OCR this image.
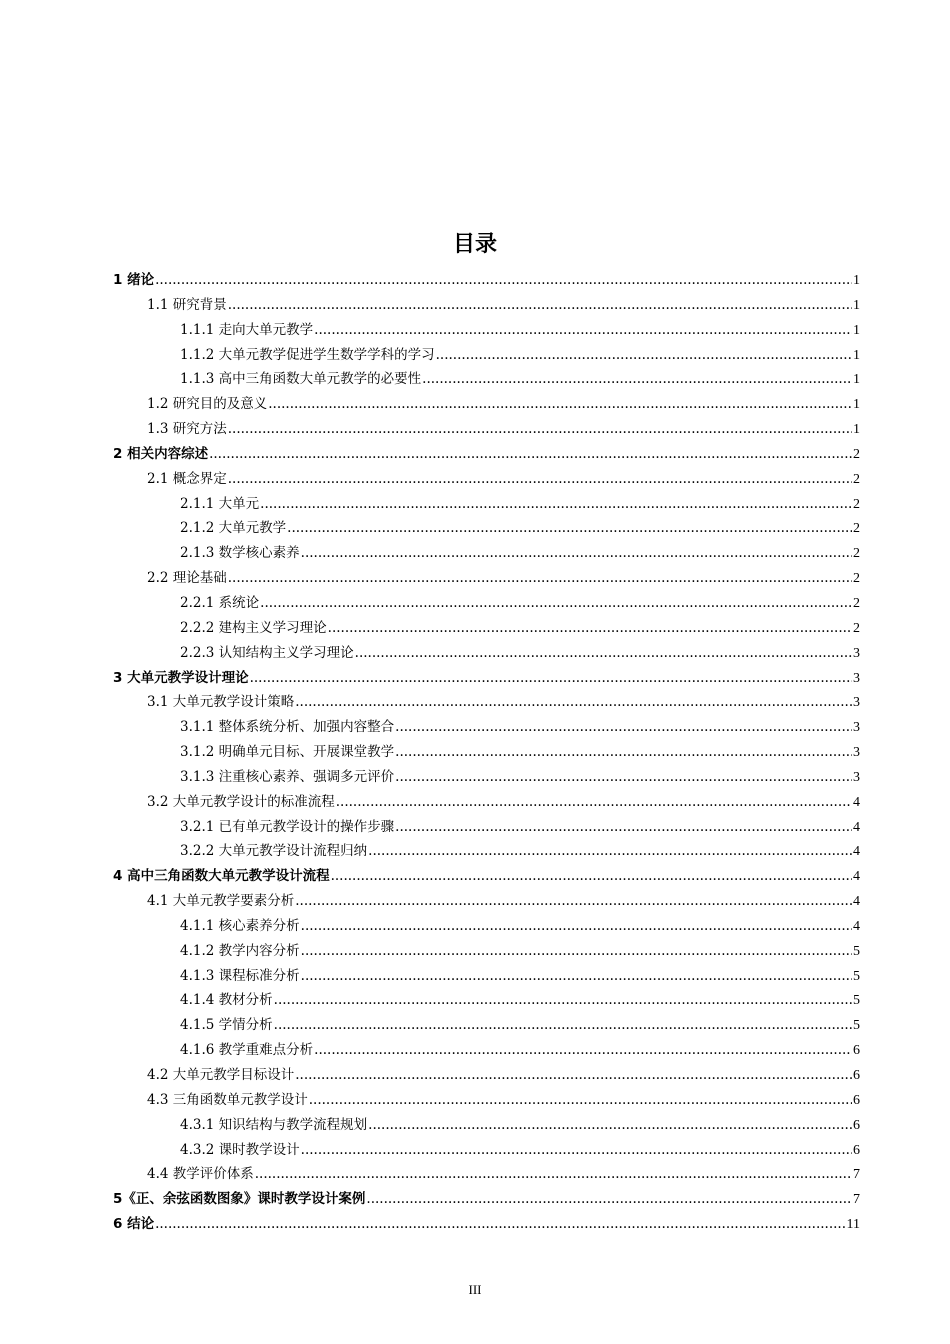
目录
1 绪论 .....	1
1.1 研究背景 .....	1
1.1.1 走向大单元教学 .....	1
1.1.2 大单元教学促进学生数学学科的学习 .....	1
1.1.3 高中三角函数大单元教学的必要性 .....	1
1.2 研究目的及意义 .....	1
1.3 研究方法 .....	1
2 相关内容综述 .....	2
2.1 概念界定 .....	2
2.1.1 大单元 .....	2
2.1.2 大单元教学 .....	2
2.1.3 数学核心素养 .....	2
2.2 理论基础 .....	2
2.2.1 系统论 .....	2
2.2.2 建构主义学习理论 .....	2
2.2.3 认知结构主义学习理论 .....	3
3 大单元教学设计理论 .....	3
3.1 大单元教学设计策略 .....	3
3.1.1 整体系统分析、加强内容整合 .....	3
3.1.2 明确单元目标、开展课堂教学 .....	3
3.1.3 注重核心素养、强调多元评价 .....	3
3.2 大单元教学设计的标准流程 .....	4
3.2.1 已有单元教学设计的操作步骤 .....	4
3.2.2 大单元教学设计流程归纳 .....	4
4 高中三角函数大单元教学设计流程 .....	4
4.1 大单元教学要素分析 .....	4
4.1.1 核心素养分析 .....	4
4.1.2 教学内容分析 .....	5
4.1.3 课程标准分析 .....	5
4.1.4 教材分析 .....	5
4.1.5 学情分析 .....	5
4.1.6 教学重难点分析 .....	6
4.2 大单元教学目标设计 .....	6
4.3 三角函数单元教学设计 .....	6
4.3.1 知识结构与教学流程规划 .....	6
4.3.2 课时教学设计 .....	6
4.4 教学评价体系 .....	7
5《正、余弦函数图象》课时教学设计案例 .....	7
6 结论 .....	11
III
